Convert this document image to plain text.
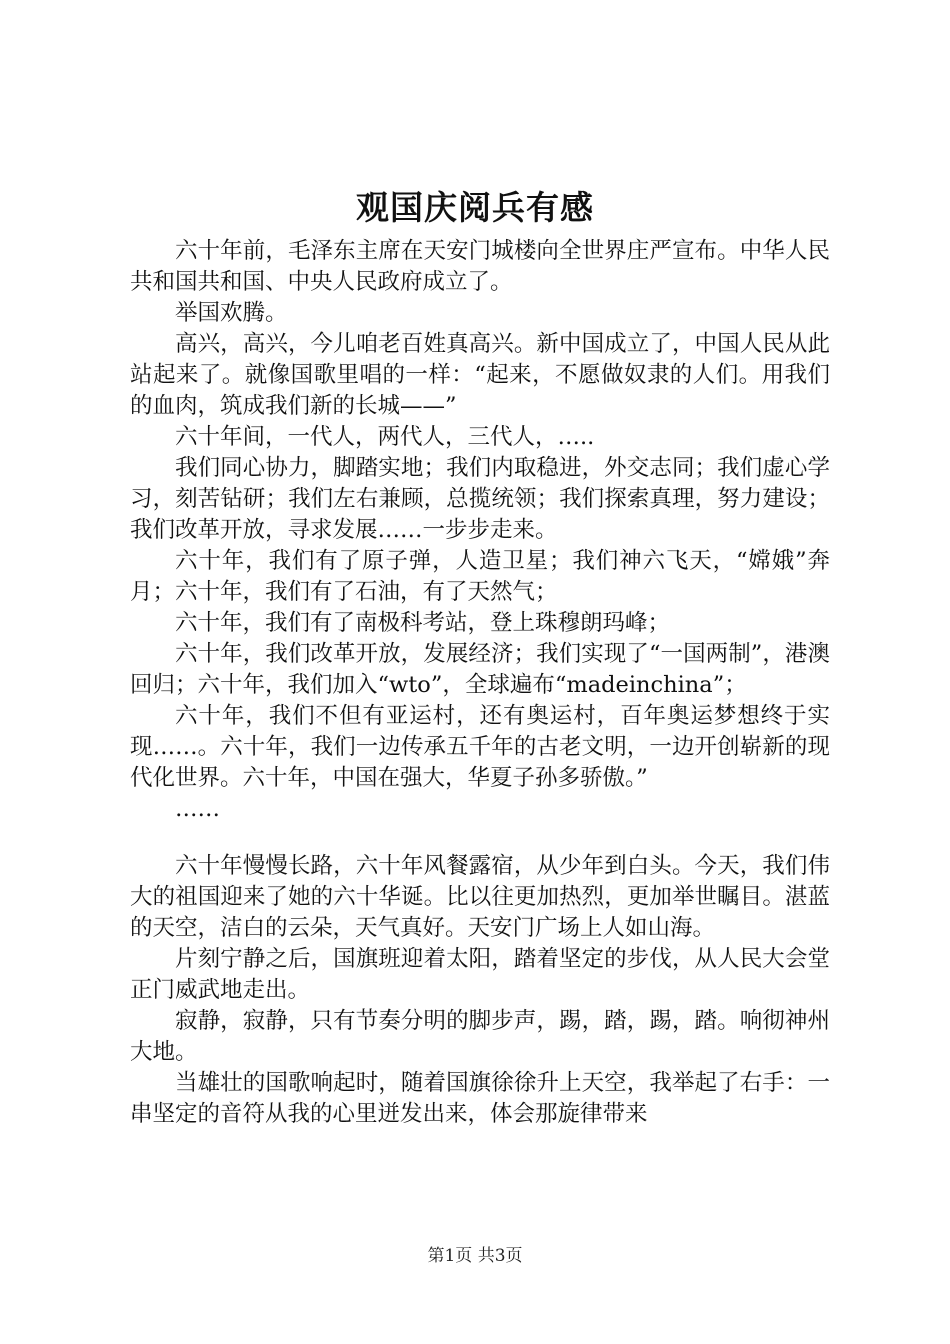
观国庆阅兵有感

六十年前，毛泽东主席在天安门城楼向全世界庄严宣布。中华人民共和国共和国、中央人民政府成立了。

举国欢腾。

高兴，高兴，今儿咱老百姓真高兴。新中国成立了，中国人民从此站起来了。就像国歌里唱的一样：“起来，不愿做奴隶的人们。用我们的血肉，筑成我们新的长城——”

六十年间，一代人，两代人，三代人，…..

我们同心协力，脚踏实地；我们内取稳进，外交志同；我们虚心学习，刻苦钻研；我们左右兼顾，总揽统领；我们探索真理，努力建设；我们改革开放，寻求发展……一步步走来。

六十年，我们有了原子弹，人造卫星；我们神六飞天，“嫦娥”奔月；六十年，我们有了石油，有了天然气；

六十年，我们有了南极科考站，登上珠穆朗玛峰；

六十年，我们改革开放，发展经济；我们实现了“一国两制”，港澳回归；六十年，我们加入“wto”，全球遍布“madeinchina”；

六十年，我们不但有亚运村，还有奥运村，百年奥运梦想终于实现……。六十年，我们一边传承五千年的古老文明，一边开创崭新的现代化世界。六十年，中国在强大，华夏子孙多骄傲。”

……

六十年慢慢长路，六十年风餐露宿，从少年到白头。今天，我们伟大的祖国迎来了她的六十华诞。比以往更加热烈，更加举世瞩目。湛蓝的天空，洁白的云朵，天气真好。天安门广场上人如山海。

片刻宁静之后，国旗班迎着太阳，踏着坚定的步伐，从人民大会堂正门威武地走出。

寂静，寂静，只有节奏分明的脚步声，踢，踏，踢，踏。响彻神州大地。

当雄壮的国歌响起时，随着国旗徐徐升上天空，我举起了右手：一串坚定的音符从我的心里迸发出来，体会那旋律带来

第1页 共3页
